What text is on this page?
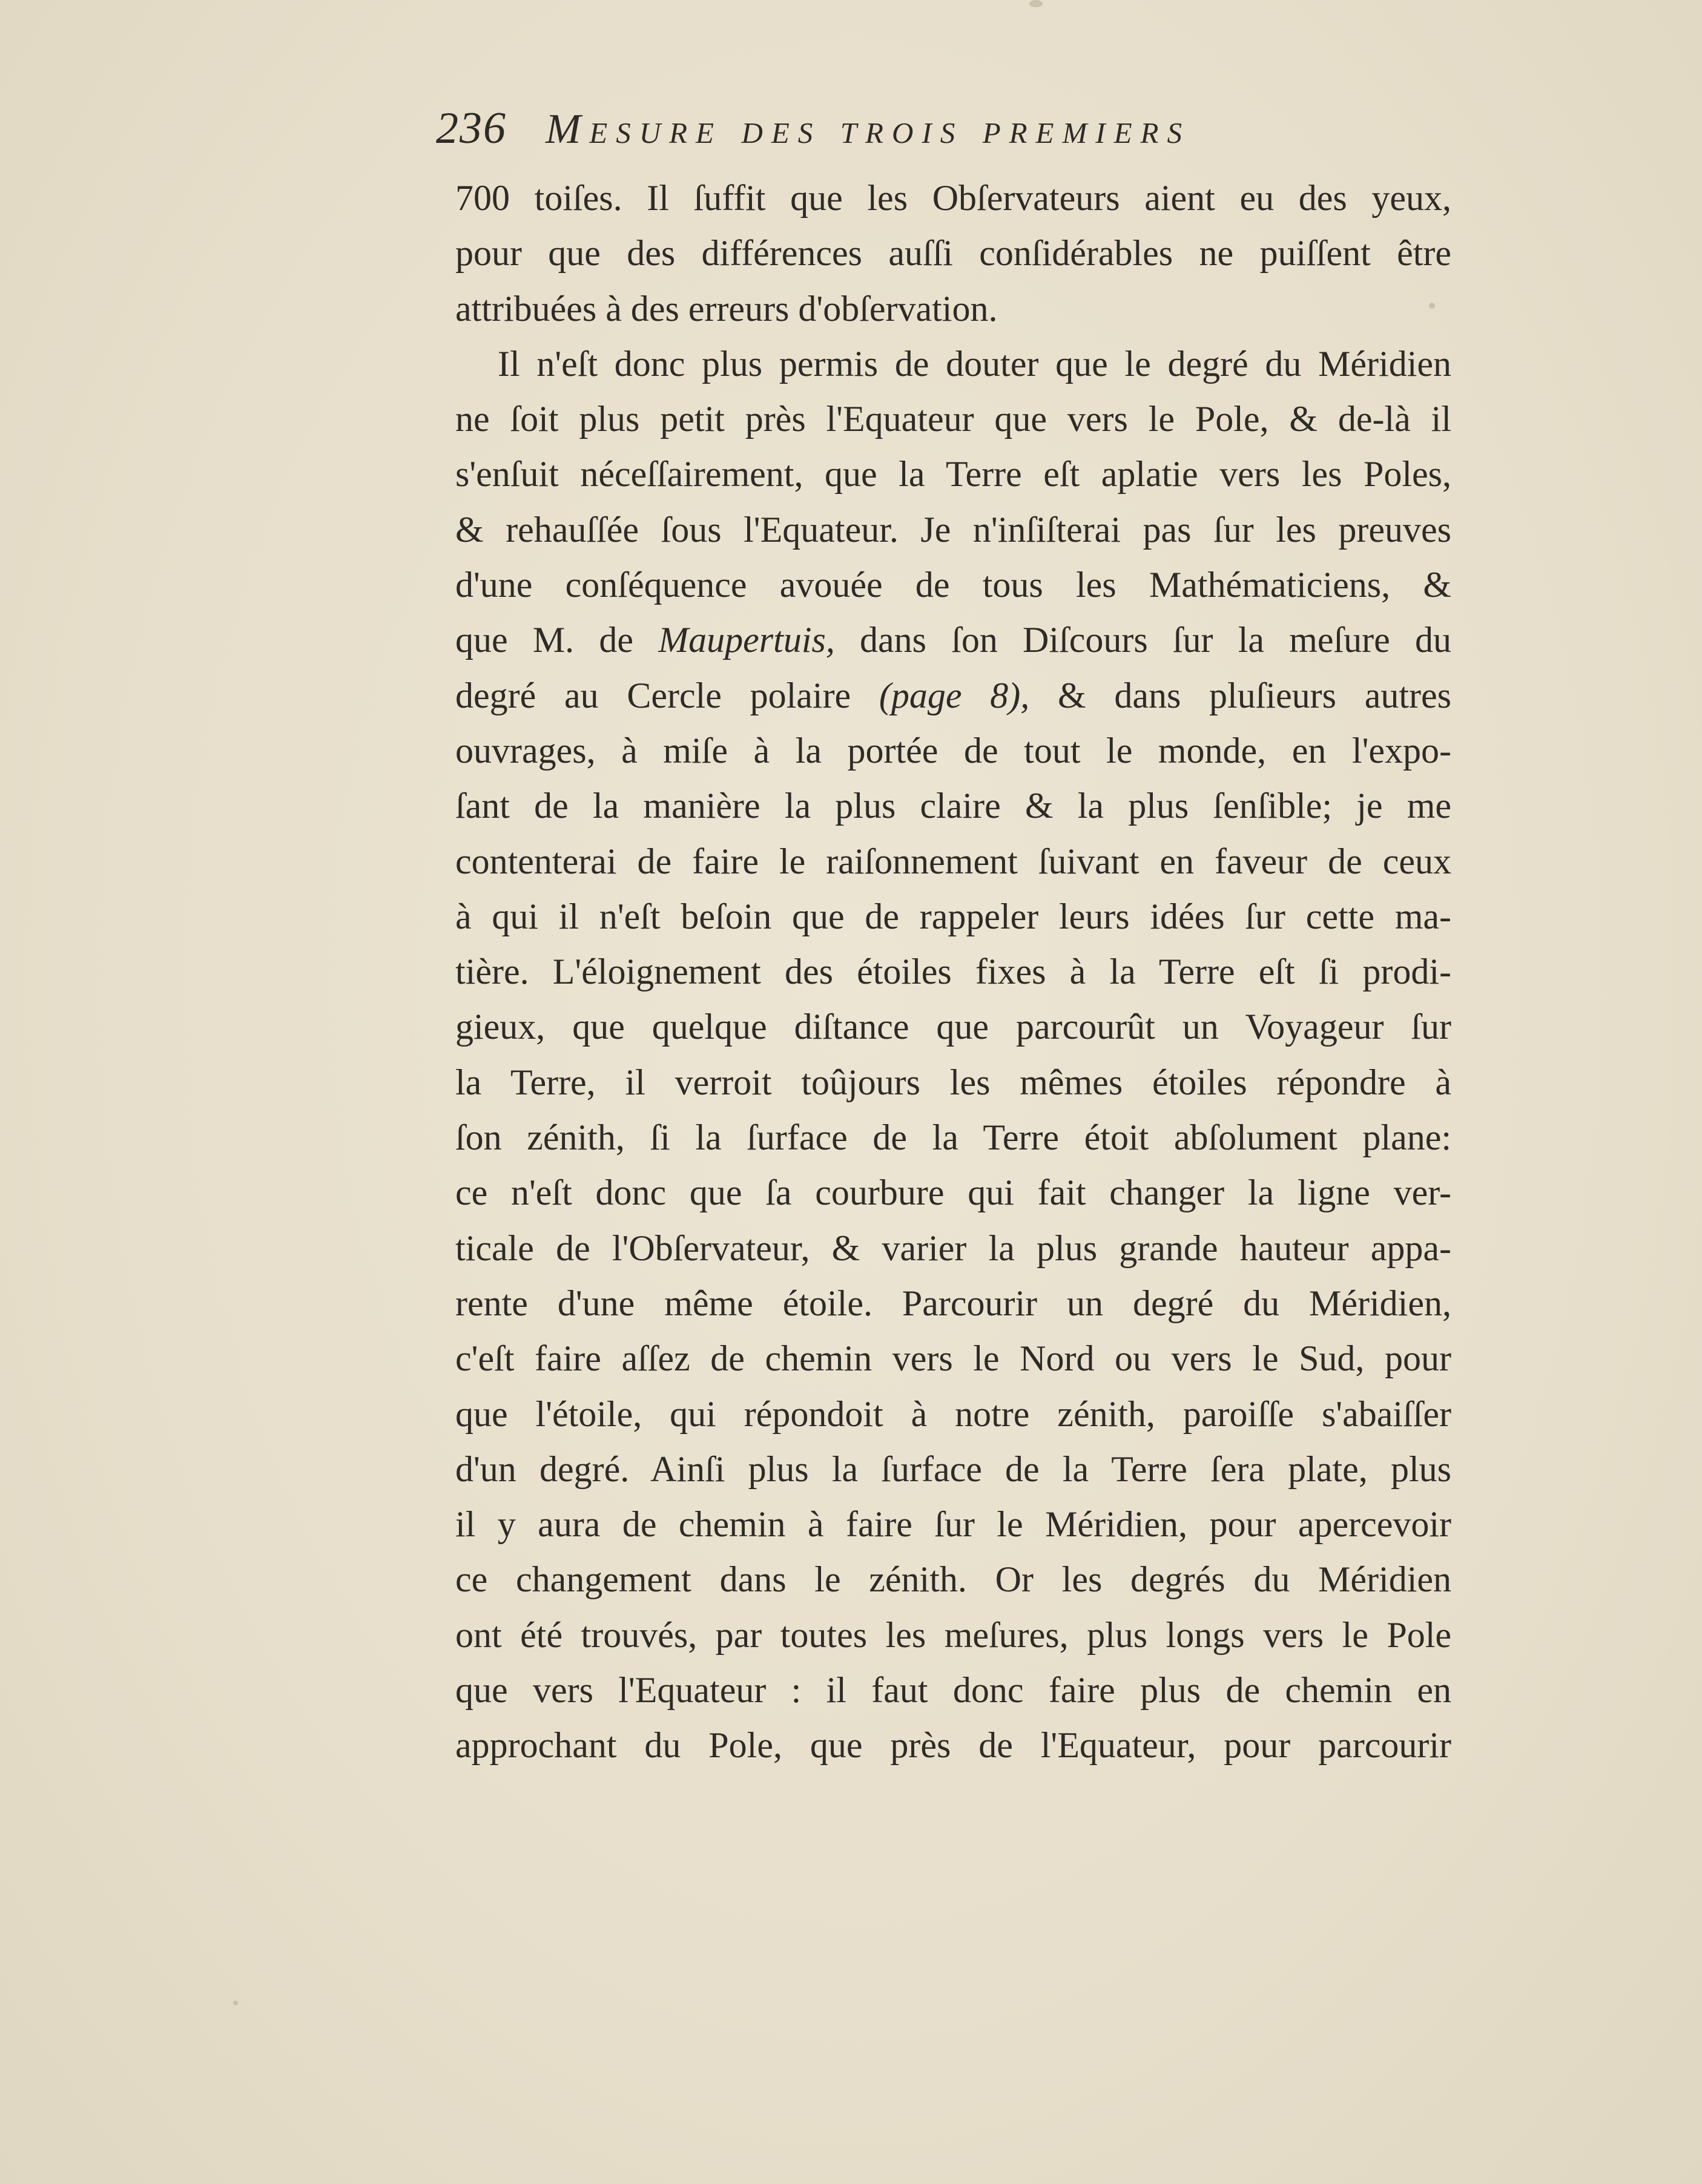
236 Mesure des trois premiers
700 toiſes. Il ſuffit que les Obſervateurs aient eu des yeux,
pour que des différences auſſi conſidérables ne puiſſent être
attribuées à des erreurs d'obſervation.
Il n'eſt donc plus permis de douter que le degré du Méridien
ne ſoit plus petit près l'Equateur que vers le Pole, & de-là il
s'enſuit néceſſairement, que la Terre eſt aplatie vers les Poles,
& rehauſſée ſous l'Equateur. Je n'inſiſterai pas ſur les preuves
d'une conſéquence avouée de tous les Mathématiciens, &
que M. de Maupertuis, dans ſon Diſcours ſur la meſure du
degré au Cercle polaire (page 8), & dans pluſieurs autres
ouvrages, à miſe à la portée de tout le monde, en l'expo-
ſant de la manière la plus claire & la plus ſenſible; je me
contenterai de faire le raiſonnement ſuivant en faveur de ceux
à qui il n'eſt beſoin que de rappeler leurs idées ſur cette ma-
tière. L'éloignement des étoiles fixes à la Terre eſt ſi prodi-
gieux, que quelque diſtance que parcourût un Voyageur ſur
la Terre, il verroit toûjours les mêmes étoiles répondre à
ſon zénith, ſi la ſurface de la Terre étoit abſolument plane:
ce n'eſt donc que ſa courbure qui fait changer la ligne ver-
ticale de l'Obſervateur, & varier la plus grande hauteur appa-
rente d'une même étoile. Parcourir un degré du Méridien,
c'eſt faire aſſez de chemin vers le Nord ou vers le Sud, pour
que l'étoile, qui répondoit à notre zénith, paroiſſe s'abaiſſer
d'un degré. Ainſi plus la ſurface de la Terre ſera plate, plus
il y aura de chemin à faire ſur le Méridien, pour apercevoir
ce changement dans le zénith. Or les degrés du Méridien
ont été trouvés, par toutes les meſures, plus longs vers le Pole
que vers l'Equateur : il faut donc faire plus de chemin en
approchant du Pole, que près de l'Equateur, pour parcourir
